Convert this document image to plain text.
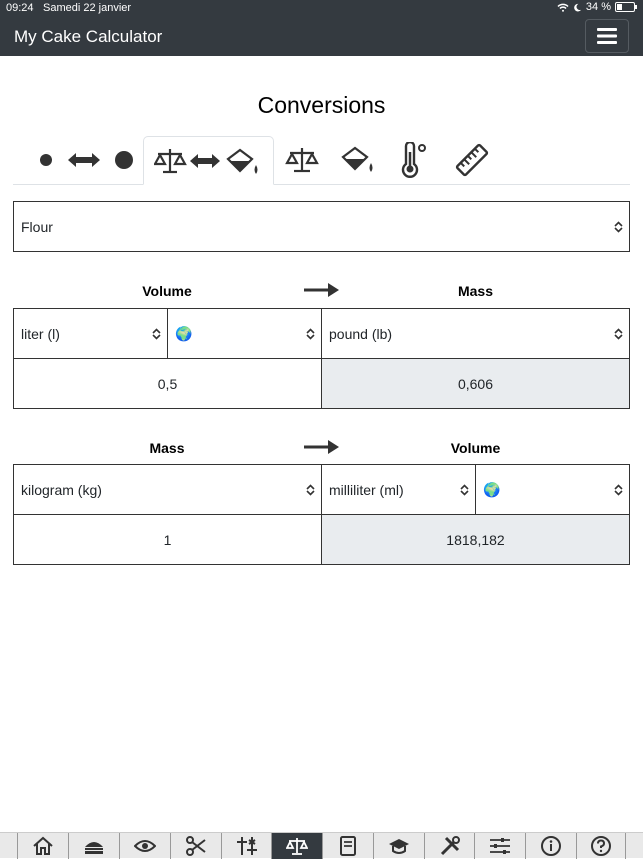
09:24 Samedi 22 janvier	34 %
My Cake Calculator
Conversions
Flour
Volume	Mass
liter (l)	🌍	pound (lb)
0,5	0,606
Mass	Volume
kilogram (kg)	milliliter (ml)	🌍
1	1818,182
